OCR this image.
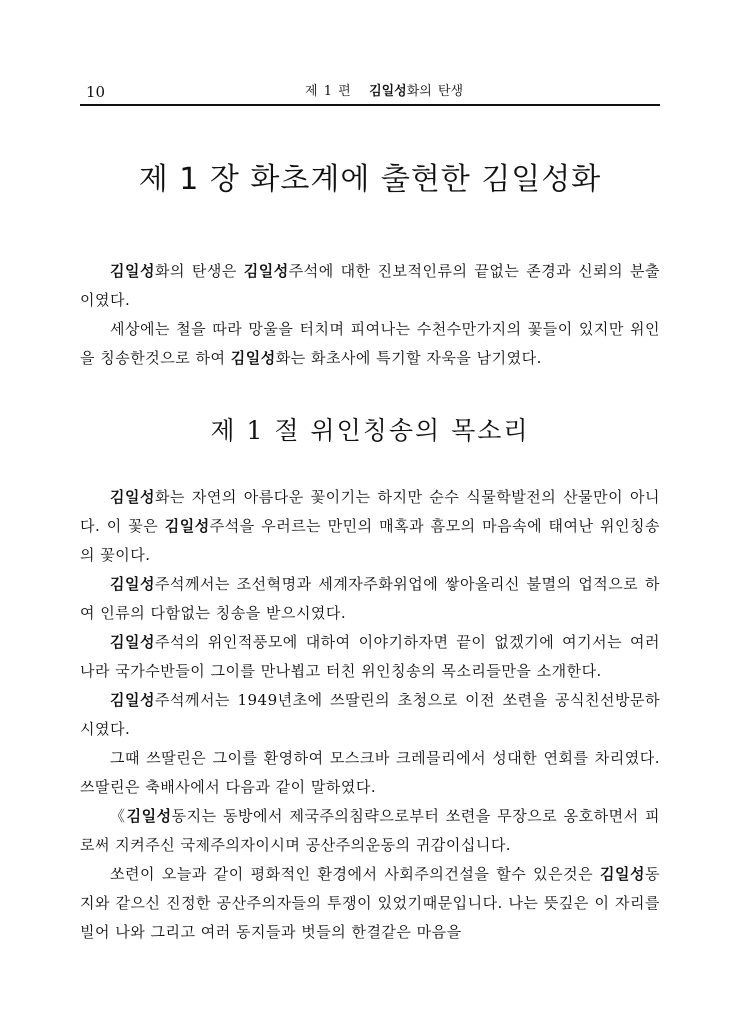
10	제 1 편 김일성화의 탄생
제 1 장 화초계에 출현한 김일성화

김일성화의 탄생은 김일성주석에 대한 진보적인류의 끝없는 존경과 신뢰의 분출이였다.

세상에는 철을 따라 망울을 터치며 피여나는 수천수만가지의 꽃들이 있지만 위인을 칭송한것으로 하여 김일성화는 화초사에 특기할 자욱을 남기였다.

제 1 절 위인칭송의 목소리

김일성화는 자연의 아름다운 꽃이기는 하지만 순수 식물학발전의 산물만이 아니다. 이 꽃은 김일성주석을 우러르는 만민의 매혹과 흠모의 마음속에 태여난 위인칭송의 꽃이다.

김일성주석께서는 조선혁명과 세계자주화위업에 쌓아올리신 불멸의 업적으로 하여 인류의 다함없는 칭송을 받으시였다.

김일성주석의 위인적풍모에 대하여 이야기하자면 끝이 없겠기에 여기서는 여러 나라 국가수반들이 그이를 만나뵙고 터친 위인칭송의 목소리들만을 소개한다.

김일성주석께서는 1949년초에 쓰딸린의 초청으로 이전 쏘련을 공식친선방문하시였다.

그때 쓰딸린은 그이를 환영하여 모스크바 크레믈리에서 성대한 연회를 차리였다. 쓰딸린은 축배사에서 다음과 같이 말하였다.

《김일성동지는 동방에서 제국주의침략으로부터 쏘련을 무장으로 옹호하면서 피로써 지켜주신 국제주의자이시며 공산주의운동의 귀감이십니다.

쏘련이 오늘과 같이 평화적인 환경에서 사회주의건설을 할수 있은것은 김일성동지와 같으신 진정한 공산주의자들의 투쟁이 있었기때문입니다. 나는 뜻깊은 이 자리를 빌어 나와 그리고 여러 동지들과 벗들의 한결같은 마음을
